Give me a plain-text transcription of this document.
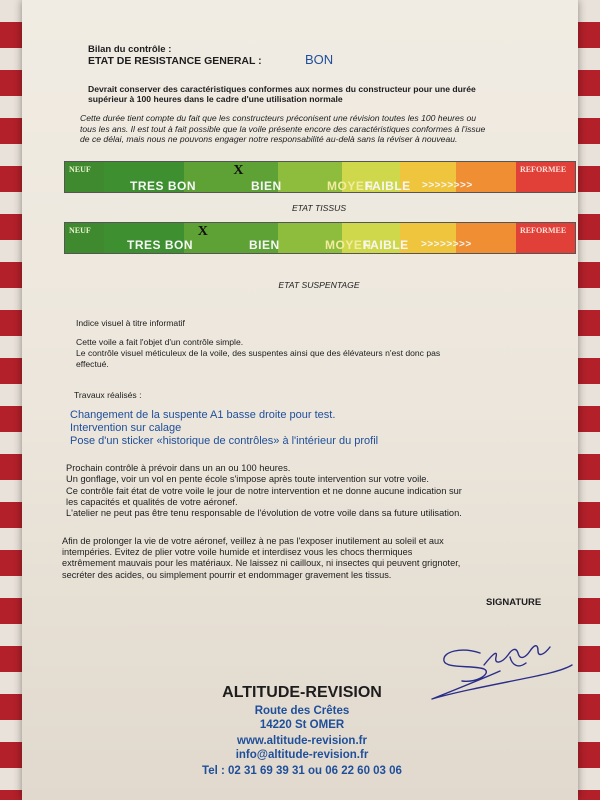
Bilan du contrôle :
ETAT DE RESISTANCE GENERAL :	BON
Devrait conserver des caractéristiques conformes aux normes du constructeur pour une durée
supérieur à 100 heures dans le cadre d'une utilisation normale
Cette durée tient compte du fait que les constructeurs préconisent une révision toutes les 100 heures ou
tous les ans. Il est tout à fait possible que la voile présente encore des caractéristiques conformes à l'issue
de ce délai, mais nous ne pouvons engager notre responsabilité au-delà sans la réviser à nouveau.
NEUF	REFORMEE
TRES BON	BIEN	MOYEN
FAIBLE >>>>>>>>
X
ETAT TISSUS
NEUF	REFORMEE
TRES BON	BIEN	MOYEN
FAIBLE >>>>>>>>
X
ETAT SUSPENTAGE
Indice visuel à titre informatif
Cette voile a fait l'objet d'un contrôle simple.
Le contrôle visuel méticuleux de la voile, des suspentes ainsi que des élévateurs n'est donc pas
effectué.
Travaux réalisés :
Changement de la suspente A1 basse droite pour test.
Intervention sur calage
Pose d'un sticker «historique de contrôles» à l'intérieur du profil
Prochain contrôle à prévoir dans un an ou 100 heures.
Un gonflage, voir un vol en pente école s'impose après toute intervention sur votre voile.
Ce contrôle fait état de votre voile le jour de notre intervention et ne donne aucune indication sur
les capacités et qualités de votre aéronef.
L'atelier ne peut pas être tenu responsable de l'évolution de votre voile dans sa future utilisation.
Afin de prolonger la vie de votre aéronef, veillez à ne pas l'exposer inutilement au soleil et aux
intempéries. Evitez de plier votre voile humide et interdisez vous les chocs thermiques
extrêmement mauvais pour les matériaux. Ne laissez ni cailloux, ni insectes qui peuvent grignoter,
secréter des acides, ou simplement pourrir et endommager gravement les tissus.
SIGNATURE
ALTITUDE-REVISION
Route des Crêtes
14220 St OMER
www.altitude-revision.fr
info@altitude-revision.fr
Tel : 02 31 69 39 31 ou 06 22 60 03 06
